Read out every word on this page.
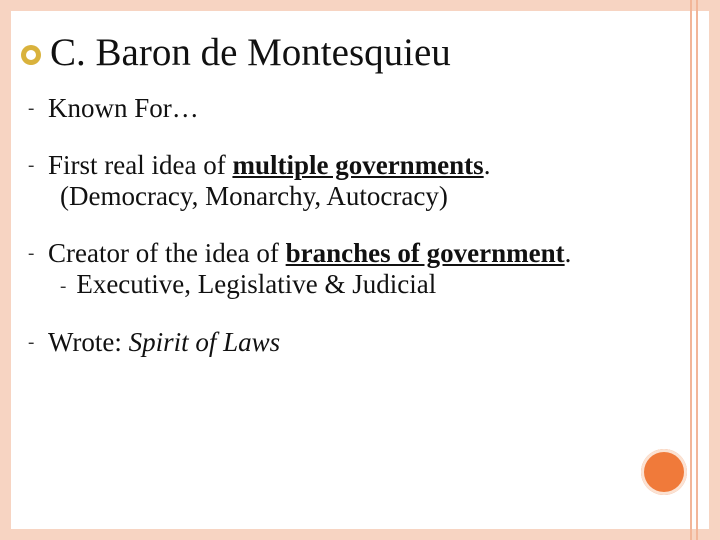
C. Baron de Montesquieu
- Known For…
- First real idea of multiple governments.
(Democracy, Monarchy, Autocracy)
- Creator of the idea of branches of government.
- Executive, Legislative & Judicial
- Wrote: Spirit of Laws
